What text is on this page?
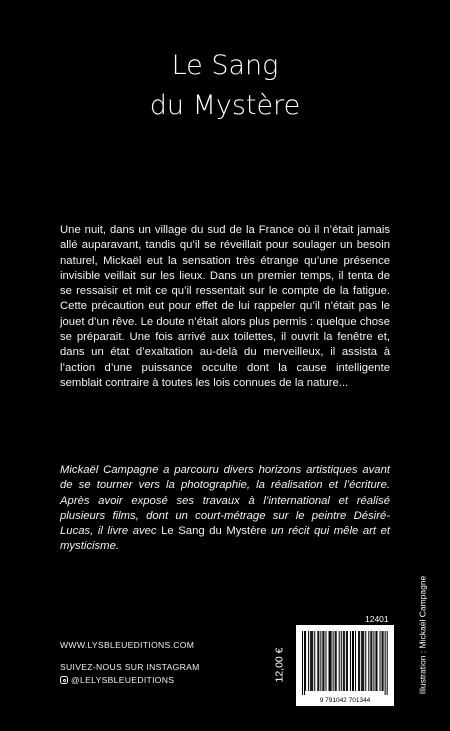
Le Sang
du Mystère

Une nuit, dans un village du sud de la France où il n’était jamais allé auparavant, tandis qu’il se réveillait pour soulager un besoin naturel, Mickaël eut la sensation très étrange qu’une présence invisible veillait sur les lieux. Dans un premier temps, il tenta de se ressaisir et mit ce qu’il ressentait sur le compte de la fatigue. Cette précaution eut pour effet de lui rappeler qu’il n’était pas le jouet d’un rêve. Le doute n’était alors plus permis : quelque chose se préparait. Une fois arrivé aux toilettes, il ouvrit la fenêtre et, dans un état d’exaltation au-delà du merveilleux, il assista à l’action d’une puissance occulte dont la cause intelligente semblait contraire à toutes les lois connues de la nature...

Mickaël Campagne a parcouru divers horizons artistiques avant de se tourner vers la photographie, la réalisation et l’écriture. Après avoir exposé ses travaux à l’international et réalisé plusieurs films, dont un court-métrage sur le peintre Désiré-Lucas, il livre avec Le Sang du Mystère un récit qui mêle art et mysticisme.

WWW.LYSBLEUEDITIONS.COM
SUIVEZ-NOUS SUR INSTAGRAM
@LELYSBLEUEDITIONS
12401
12,00 €
9 791042 701344
Illustration : Mickaël Campagne
